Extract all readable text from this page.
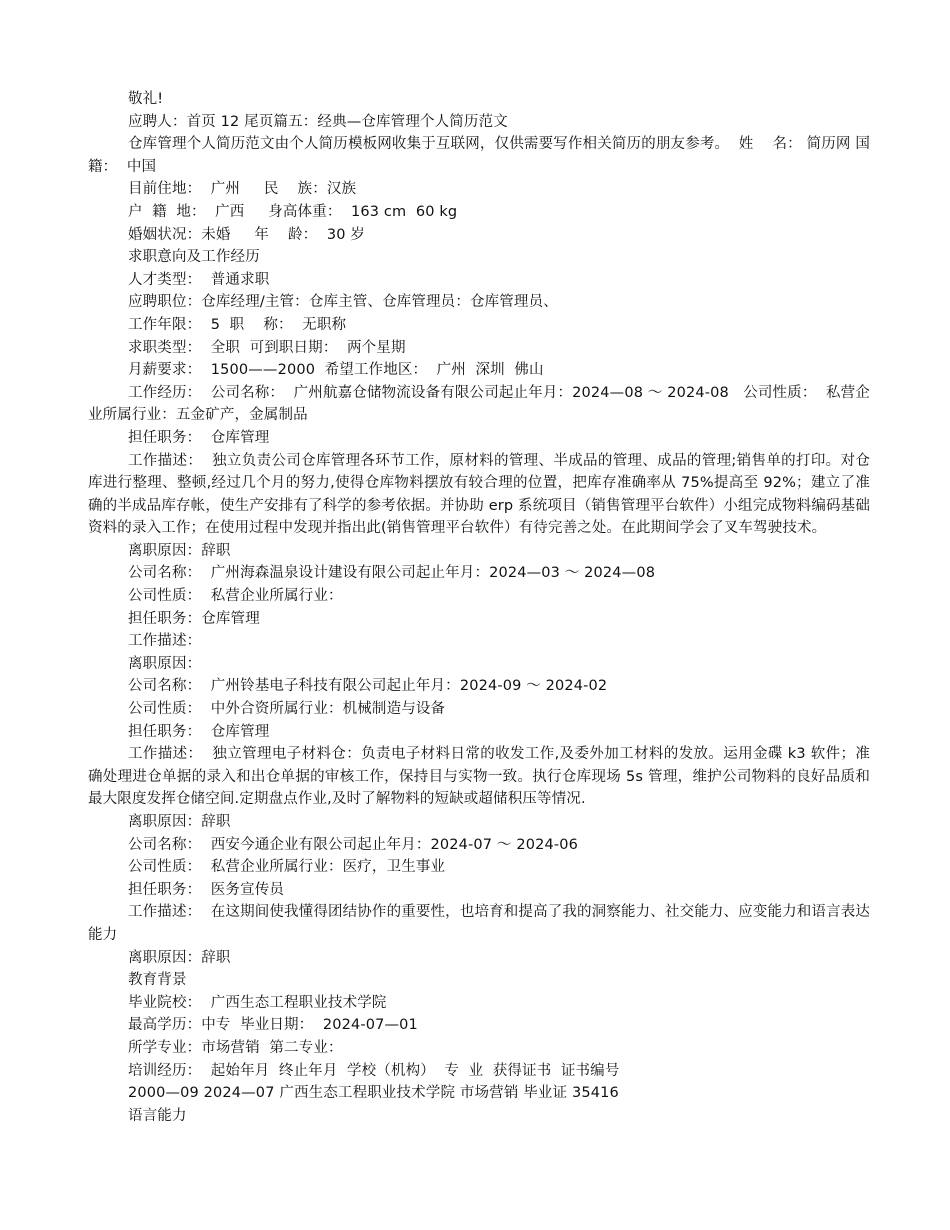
敬礼!

应聘人：首页 12 尾页篇五：经典—仓库管理个人简历范文

仓库管理个人简历范文由个人简历模板网收集于互联网，仅供需要写作相关简历的朋友参考。  姓    名： 简历网 国    籍：  中国

目前住地：  广州     民    族：汉族

户  籍  地：  广西     身高体重：  163 cm  60 kg

婚姻状况：未婚     年    龄：  30 岁

求职意向及工作经历

人才类型：  普通求职

应聘职位：仓库经理/主管：仓库主管、仓库管理员：仓库管理员、

工作年限：  5  职    称：  无职称

求职类型：  全职  可到职日期：  两个星期

月薪要求：  1500——2000  希望工作地区：  广州  深圳  佛山

工作经历：  公司名称：  广州航嘉仓储物流设备有限公司起止年月：2024—08 ～ 2024-08   公司性质：  私营企业所属行业：五金矿产，金属制品

担任职务：  仓库管理

工作描述：  独立负责公司仓库管理各环节工作，原材料的管理、半成品的管理、成品的管理;销售单的打印。对仓库进行整理、整顿,经过几个月的努力,使得仓库物料摆放有较合理的位置，把库存准确率从 75%提高至 92%；建立了准确的半成品库存帐，使生产安排有了科学的参考依据。并协助 erp 系统项目（销售管理平台软件）小组完成物料编码基础资料的录入工作；在使用过程中发现并指出此(销售管理平台软件）有待完善之处。在此期间学会了叉车驾驶技术。

离职原因：辞职

公司名称：  广州海森温泉设计建设有限公司起止年月：2024—03 ～ 2024—08

公司性质：  私营企业所属行业：

担任职务：仓库管理

工作描述：

离职原因：

公司名称：  广州铃基电子科技有限公司起止年月：2024-09 ～ 2024-02

公司性质：  中外合资所属行业：机械制造与设备

担任职务：  仓库管理

工作描述：  独立管理电子材料仓：负责电子材料日常的收发工作,及委外加工材料的发放。运用金碟 k3 软件；准确处理进仓单据的录入和出仓单据的审核工作，保持目与实物一致。执行仓库现场 5s 管理，维护公司物料的良好品质和最大限度发挥仓储空间.定期盘点作业,及时了解物料的短缺或超储积压等情况.

离职原因：辞职

公司名称：  西安今通企业有限公司起止年月：2024-07 ～ 2024-06

公司性质：  私营企业所属行业：医疗，卫生事业

担任职务：  医务宣传员

工作描述：  在这期间使我懂得团结协作的重要性，也培育和提高了我的洞察能力、社交能力、应变能力和语言表达能力

离职原因：辞职

教育背景

毕业院校：  广西生态工程职业技术学院

最高学历：中专  毕业日期：  2024-07—01

所学专业：市场营销  第二专业：

培训经历：  起始年月  终止年月  学校（机构）  专  业  获得证书  证书编号

2000—09 2024—07 广西生态工程职业技术学院 市场营销 毕业证 35416

语言能力
